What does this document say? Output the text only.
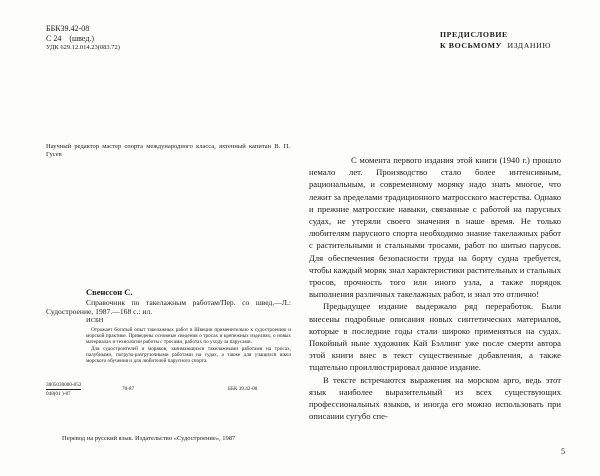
ББК39.42-08
С 24 (швед.)
УДК 629.12.014.23(083.72)
Научный редактор мастер спорта международного класса, яхтенный капитан В. П. Гусев
Свенссон С.
Справочник по такелажным работам/Пер. со швед.—Л.: Судостроение, 1987.—168 с.: ил.
ИСБН
Отражает богатый опыт такелажных работ в Швеции применительно к судостроению и морской практике. Приведены основные сведения о тросах и крепежных изделиях, о новых материалах и технологии работы с тросами, работах по уходу за парусами.
Для судостроителей и моряков, занимающихся такелажными работами на тросах, палубными, погрузо-разгрузочными работами на судах, а также для учащихся школ морского обучения и для любителей парусного спорта.
3805030000-052
048(01 )-87
70-87	ББК 39.42-08
Перевод на русский язык. Издательство «Судостроение», 1987
ПРЕДИСЛОВИЕ
К ВОСЬМОМУ ИЗДАНИЮ

С момента первого издания этой книги (1940 г.) прошло немало лет. Производство стало более интенсивным, рациональным, и современному моряку надо знать многое, что лежит за пределами традиционного матросского мастерства. Однако и прежние матросские навыки, связанные с работой на парусных судах, не утеряли своего значения в наше время. Не только любителям парусного спорта необходимо знание такелажных работ с растительными и стальными тросами, работ по шитью парусов. Для обеспечения безопасности труда на борту судна требуется, чтобы каждый моряк знал характеристики растительных и стальных тросов, прочность того или иного узла, а также порядок выполнения различных такелажных работ, и знал это отлично!

Предыдущее издание выдержало ряд переработок. Были внесены подробные описания новых синтетических материалов, которые в последние годы стали широко применяться на судах. Покойный ныне художник Кай Бэллинг уже после смерти автора этой книги внес в текст существенные добавления, а также тщательно проиллюстрировал данное издание.

В тексте встречаются выражения на морском арго, ведь этот язык наиболее выразительный из всех существующих профессиональных языков, и иногда его можно использовать при описании сугубо спе-

5
